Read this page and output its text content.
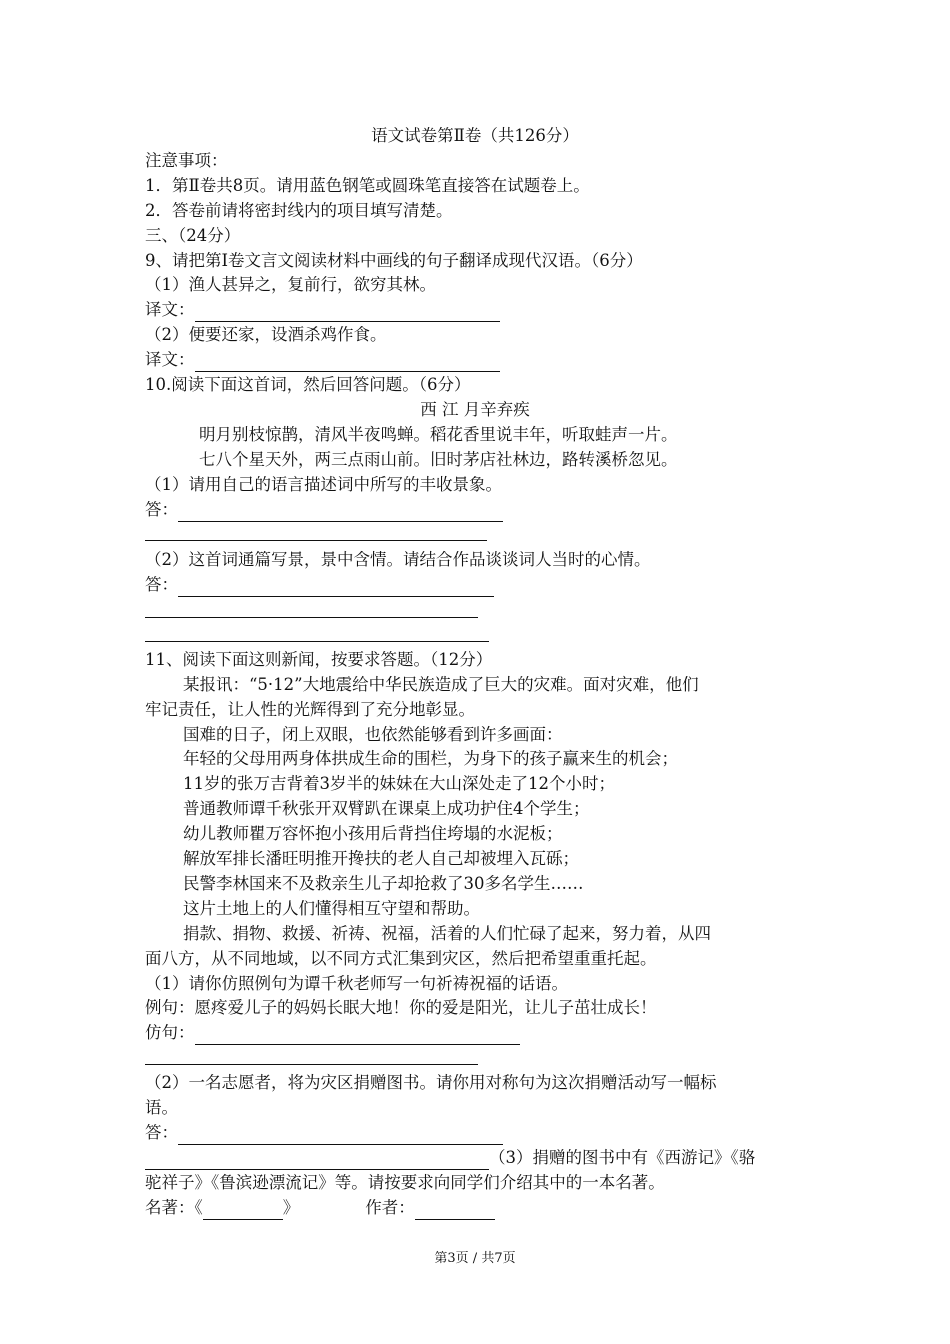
语文试卷第Ⅱ卷（共126分）
注意事项：
1．第Ⅱ卷共8页。请用蓝色钢笔或圆珠笔直接答在试题卷上。
2．答卷前请将密封线内的项目填写清楚。
三、（24分）
9、请把第Ⅰ卷文言文阅读材料中画线的句子翻译成现代汉语。（6分）
（1）渔人甚异之，复前行，欲穷其林。
译文：
（2）便要还家，设酒杀鸡作食。
译文：
10.阅读下面这首词，然后回答问题。（6分）
西 江 月辛弃疾
明月别枝惊鹊，清风半夜鸣蝉。稻花香里说丰年，听取蛙声一片。
七八个星天外，两三点雨山前。旧时茅店社林边，路转溪桥忽见。
（1）请用自己的语言描述词中所写的丰收景象。
答：
（2）这首词通篇写景，景中含情。请结合作品谈谈词人当时的心情。
答：
11、阅读下面这则新闻，按要求答题。（12分）
某报讯：“5·12”大地震给中华民族造成了巨大的灾难。面对灾难，他们
牢记责任，让人性的光辉得到了充分地彰显。
国难的日子，闭上双眼，也依然能够看到许多画面：
年轻的父母用两身体拱成生命的围栏，为身下的孩子赢来生的机会；
11岁的张万吉背着3岁半的妹妹在大山深处走了12个小时；
普通教师谭千秋张开双臂趴在课桌上成功护住4个学生；
幼儿教师瞿万容怀抱小孩用后背挡住垮塌的水泥板；
解放军排长潘旺明推开搀扶的老人自己却被埋入瓦砾；
民警李林国来不及救亲生儿子却抢救了30多名学生……
这片土地上的人们懂得相互守望和帮助。
捐款、捐物、救援、祈祷、祝福，活着的人们忙碌了起来，努力着，从四
面八方，从不同地域，以不同方式汇集到灾区，然后把希望重重托起。
（1）请你仿照例句为谭千秋老师写一句祈祷祝福的话语。
例句：愿疼爱儿子的妈妈长眠大地！你的爱是阳光，让儿子茁壮成长！
仿句：
（2）一名志愿者，将为灾区捐赠图书。请你用对称句为这次捐赠活动写一幅标
语。
答：
（3）捐赠的图书中有《西游记》《骆
驼祥子》《鲁滨逊漂流记》等。请按要求向同学们介绍其中的一本名著。
名著：《	》	作者：
第3页 / 共7页
